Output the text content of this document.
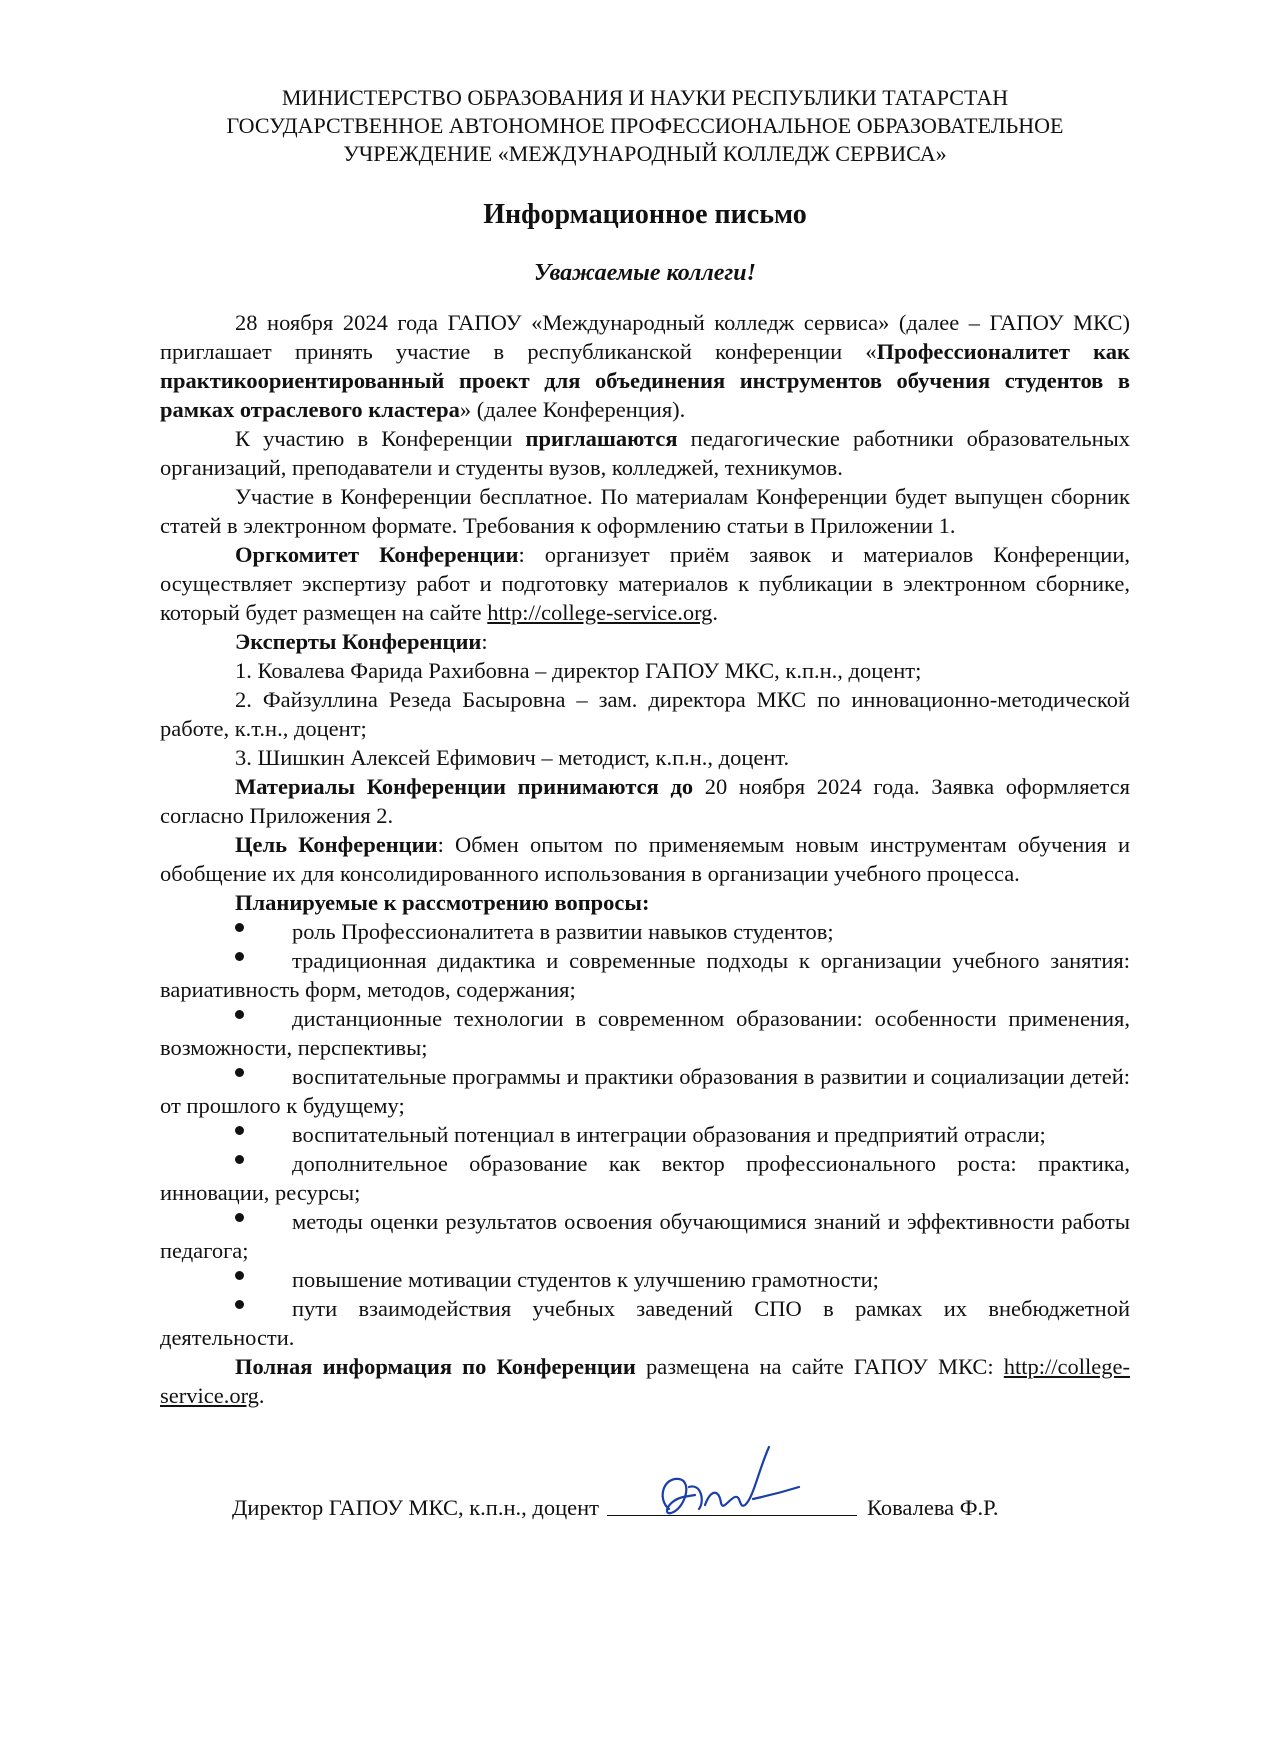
МИНИСТЕРСТВО ОБРАЗОВАНИЯ И НАУКИ РЕСПУБЛИКИ ТАТАРСТАН
ГОСУДАРСТВЕННОЕ АВТОНОМНОЕ ПРОФЕССИОНАЛЬНОЕ ОБРАЗОВАТЕЛЬНОЕ
УЧРЕЖДЕНИЕ «МЕЖДУНАРОДНЫЙ КОЛЛЕДЖ СЕРВИСА»
Информационное письмо
Уважаемые коллеги!

28 ноября 2024 года ГАПОУ «Международный колледж сервиса» (далее – ГАПОУ МКС) приглашает принять участие в республиканской конференции «Профессионалитет как практикоориентированный проект для объединения инструментов обучения студентов в рамках отраслевого кластера» (далее Конференция).

К участию в Конференции приглашаются педагогические работники образовательных организаций, преподаватели и студенты вузов, колледжей, техникумов.

Участие в Конференции бесплатное. По материалам Конференции будет выпущен сборник статей в электронном формате. Требования к оформлению статьи в Приложении 1.

Оргкомитет Конференции: организует приём заявок и материалов Конференции, осуществляет экспертизу работ и подготовку материалов к публикации в электронном сборнике, который будет размещен на сайте http://college-service.org.

Эксперты Конференции:

1. Ковалева Фарида Рахибовна – директор ГАПОУ МКС, к.п.н., доцент;

2. Файзуллина Резеда Басыровна – зам. директора МКС по инновационно-методической работе, к.т.н., доцент;

3. Шишкин Алексей Ефимович – методист, к.п.н., доцент.

Материалы Конференции принимаются до 20 ноября 2024 года. Заявка оформляется согласно Приложения 2.

Цель Конференции: Обмен опытом по применяемым новым инструментам обучения и обобщение их для консолидированного использования в организации учебного процесса.

Планируемые к рассмотрению вопросы:

роль Профессионалитета в развитии навыков студентов;

традиционная дидактика и современные подходы к организации учебного занятия: вариативность форм, методов, содержания;

дистанционные технологии в современном образовании: особенности применения, возможности, перспективы;

воспитательные программы и практики образования в развитии и социализации детей: от прошлого к будущему;

воспитательный потенциал в интеграции образования и предприятий отрасли;

дополнительное образование как вектор профессионального роста: практика, инновации, ресурсы;

методы оценки результатов освоения обучающимися знаний и эффективности работы педагога;

повышение мотивации студентов к улучшению грамотности;

пути взаимодействия учебных заведений СПО в рамках их внебюджетной деятельности.

Полная информация по Конференции размещена на сайте ГАПОУ МКС: http://college-service.org.

Директор ГАПОУ МКС, к.п.н., доцент	Ковалева Ф.Р.
